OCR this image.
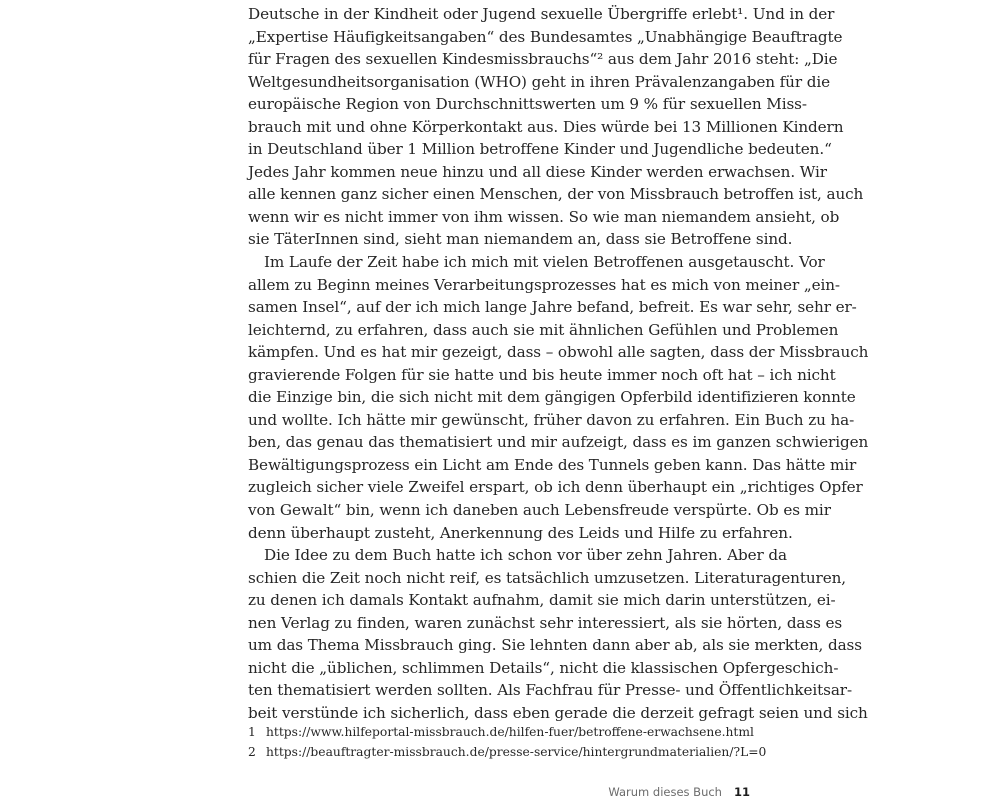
Deutsche in der Kindheit oder Jugend sexuelle Übergriffe erlebt¹. Und in der
„Expertise Häufigkeitsangaben“ des Bundesamtes „Unabhängige Beauftragte
für Fragen des sexuellen Kindesmissbrauchs“² aus dem Jahr 2016 steht: „Die
Weltgesundheitsorganisation (WHO) geht in ihren Prävalenzangaben für die
europäische Region von Durchschnittswerten um 9 % für sexuellen Miss-
brauch mit und ohne Körperkontakt aus. Dies würde bei 13 Millionen Kindern
in Deutschland über 1 Million betroffene Kinder und Jugendliche bedeuten.“
Jedes Jahr kommen neue hinzu und all diese Kinder werden erwachsen. Wir
alle kennen ganz sicher einen Menschen, der von Missbrauch betroffen ist, auch
wenn wir es nicht immer von ihm wissen. So wie man niemandem ansieht, ob
sie TäterInnen sind, sieht man niemandem an, dass sie Betroffene sind.
Im Laufe der Zeit habe ich mich mit vielen Betroffenen ausgetauscht. Vor
allem zu Beginn meines Verarbeitungsprozesses hat es mich von meiner „ein-
samen Insel“, auf der ich mich lange Jahre befand, befreit. Es war sehr, sehr er-
leichternd, zu erfahren, dass auch sie mit ähnlichen Gefühlen und Problemen
kämpfen. Und es hat mir gezeigt, dass – obwohl alle sagten, dass der Missbrauch
gravierende Folgen für sie hatte und bis heute immer noch oft hat – ich nicht
die Einzige bin, die sich nicht mit dem gängigen Opferbild identifizieren konnte
und wollte. Ich hätte mir gewünscht, früher davon zu erfahren. Ein Buch zu ha-
ben, das genau das thematisiert und mir aufzeigt, dass es im ganzen schwierigen
Bewältigungsprozess ein Licht am Ende des Tunnels geben kann. Das hätte mir
zugleich sicher viele Zweifel erspart, ob ich denn überhaupt ein „richtiges Opfer
von Gewalt“ bin, wenn ich daneben auch Lebensfreude verspürte. Ob es mir
denn überhaupt zusteht, Anerkennung des Leids und Hilfe zu erfahren.
Die Idee zu dem Buch hatte ich schon vor über zehn Jahren. Aber da
schien die Zeit noch nicht reif, es tatsächlich umzusetzen. Literaturagenturen,
zu denen ich damals Kontakt aufnahm, damit sie mich darin unterstützen, ei-
nen Verlag zu finden, waren zunächst sehr interessiert, als sie hörten, dass es
um das Thema Missbrauch ging. Sie lehnten dann aber ab, als sie merkten, dass
nicht die „üblichen, schlimmen Details“, nicht die klassischen Opfergeschich-
ten thematisiert werden sollten. Als Fachfrau für Presse- und Öffentlichkeitsar-
beit verstünde ich sicherlich, dass eben gerade die derzeit gefragt seien und sich
1 https://www.hilfeportal-missbrauch.de/hilfen-fuer/betroffene-erwachsene.html
2 https://beauftragter-missbrauch.de/presse-service/hintergrundmaterialien/?L=0
Warum dieses Buch 11
